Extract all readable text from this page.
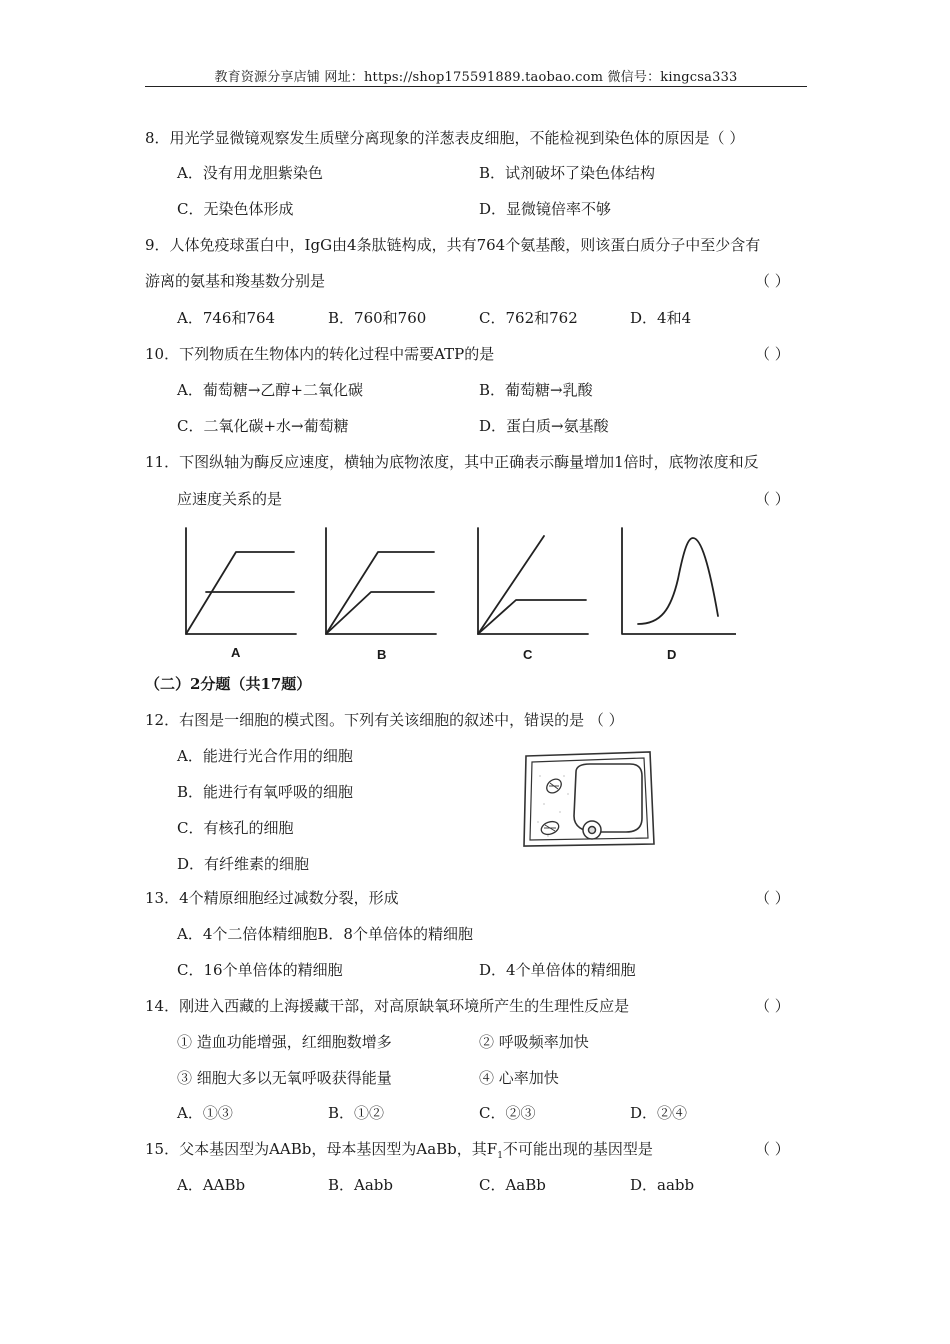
教育资源分享店铺 网址：https://shop175591889.taobao.com 微信号：kingcsa333
8．用光学显微镜观察发生质壁分离现象的洋葱表皮细胞，不能检视到染色体的原因是（ ）
A．没有用龙胆紫染色	B．试剂破坏了染色体结构
C．无染色体形成	D．显微镜倍率不够
9．人体免疫球蛋白中，IgG由4条肽链构成，共有764个氨基酸，则该蛋白质分子中至少含有
游离的氨基和羧基数分别是	（ ）
A．746和764	B．760和760	C．762和762	D．4和4
10．下列物质在生物体内的转化过程中需要ATP的是	（ ）
A．葡萄糖→乙醇+二氧化碳	B．葡萄糖→乳酸
C．二氧化碳+水→葡萄糖	D．蛋白质→氨基酸
11．下图纵轴为酶反应速度，横轴为底物浓度，其中正确表示酶量增加1倍时，底物浓度和反
应速度关系的是	（ ）
A	B	C	D
（二）2分题（共17题）
12．右图是一细胞的模式图。下列有关该细胞的叙述中，错误的是 （ ）
A．能进行光合作用的细胞
B．能进行有氧呼吸的细胞
C．有核孔的细胞
D．有纤维素的细胞
13．4个精原细胞经过减数分裂，形成	（ ）
A．4个二倍体精细胞B．8个单倍体的精细胞
C．16个单倍体的精细胞	D．4个单倍体的精细胞
14．刚进入西藏的上海援藏干部，对高原缺氧环境所产生的生理性反应是	（ ）
① 造血功能增强，红细胞数增多	② 呼吸频率加快
③ 细胞大多以无氧呼吸获得能量	④ 心率加快
A．①③	B．①②	C．②③	D．②④
15．父本基因型为AABb，母本基因型为AaBb，其$F_1$不可能出现的基因型是	（ ）
A．AABb	B．Aabb	C．AaBb	D．aabb
